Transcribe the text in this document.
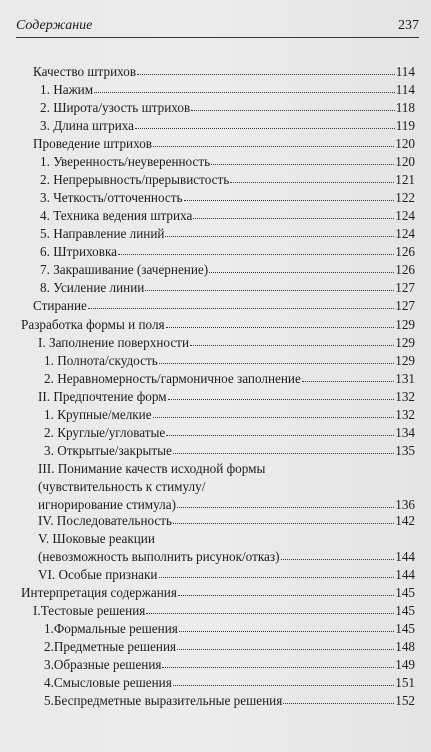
Содержание	237
Качество штрихов	114
1. Нажим	114
2. Широта/узость штрихов	118
3. Длина штриха	119
Проведение штрихов	120
1. Уверенность/неуверенность	120
2. Непрерывность/прерывистость	121
3. Четкость/отточенность	122
4. Техника ведения штриха	124
5. Направление линий	124
6. Штриховка	126
7. Закрашивание (зачернение)	126
8. Усиление линии	127
Стирание	127
Разработка формы и поля	129
I. Заполнение поверхности	129
1. Полнота/скудость	129
2. Неравномерность/гармоничное заполнение	131
II. Предпочтение форм	132
1. Крупные/мелкие	132
2. Круглые/угловатые	134
3. Открытые/закрытые	135
III. Понимание качеств исходной формы
(чувствительность к стимулу/
игнорирование стимула)	136
IV. Последовательность	142
V. Шоковые реакции
(невозможность выполнить рисунок/отказ)	144
VI. Особые признаки	144
Интерпретация содержания	145
I.Тестовые решения	145
1.Формальные решения	145
2.Предметные решения	148
3.Образные решения	149
4.Смысловые решения	151
5.Беспредметные выразительные решения	152
